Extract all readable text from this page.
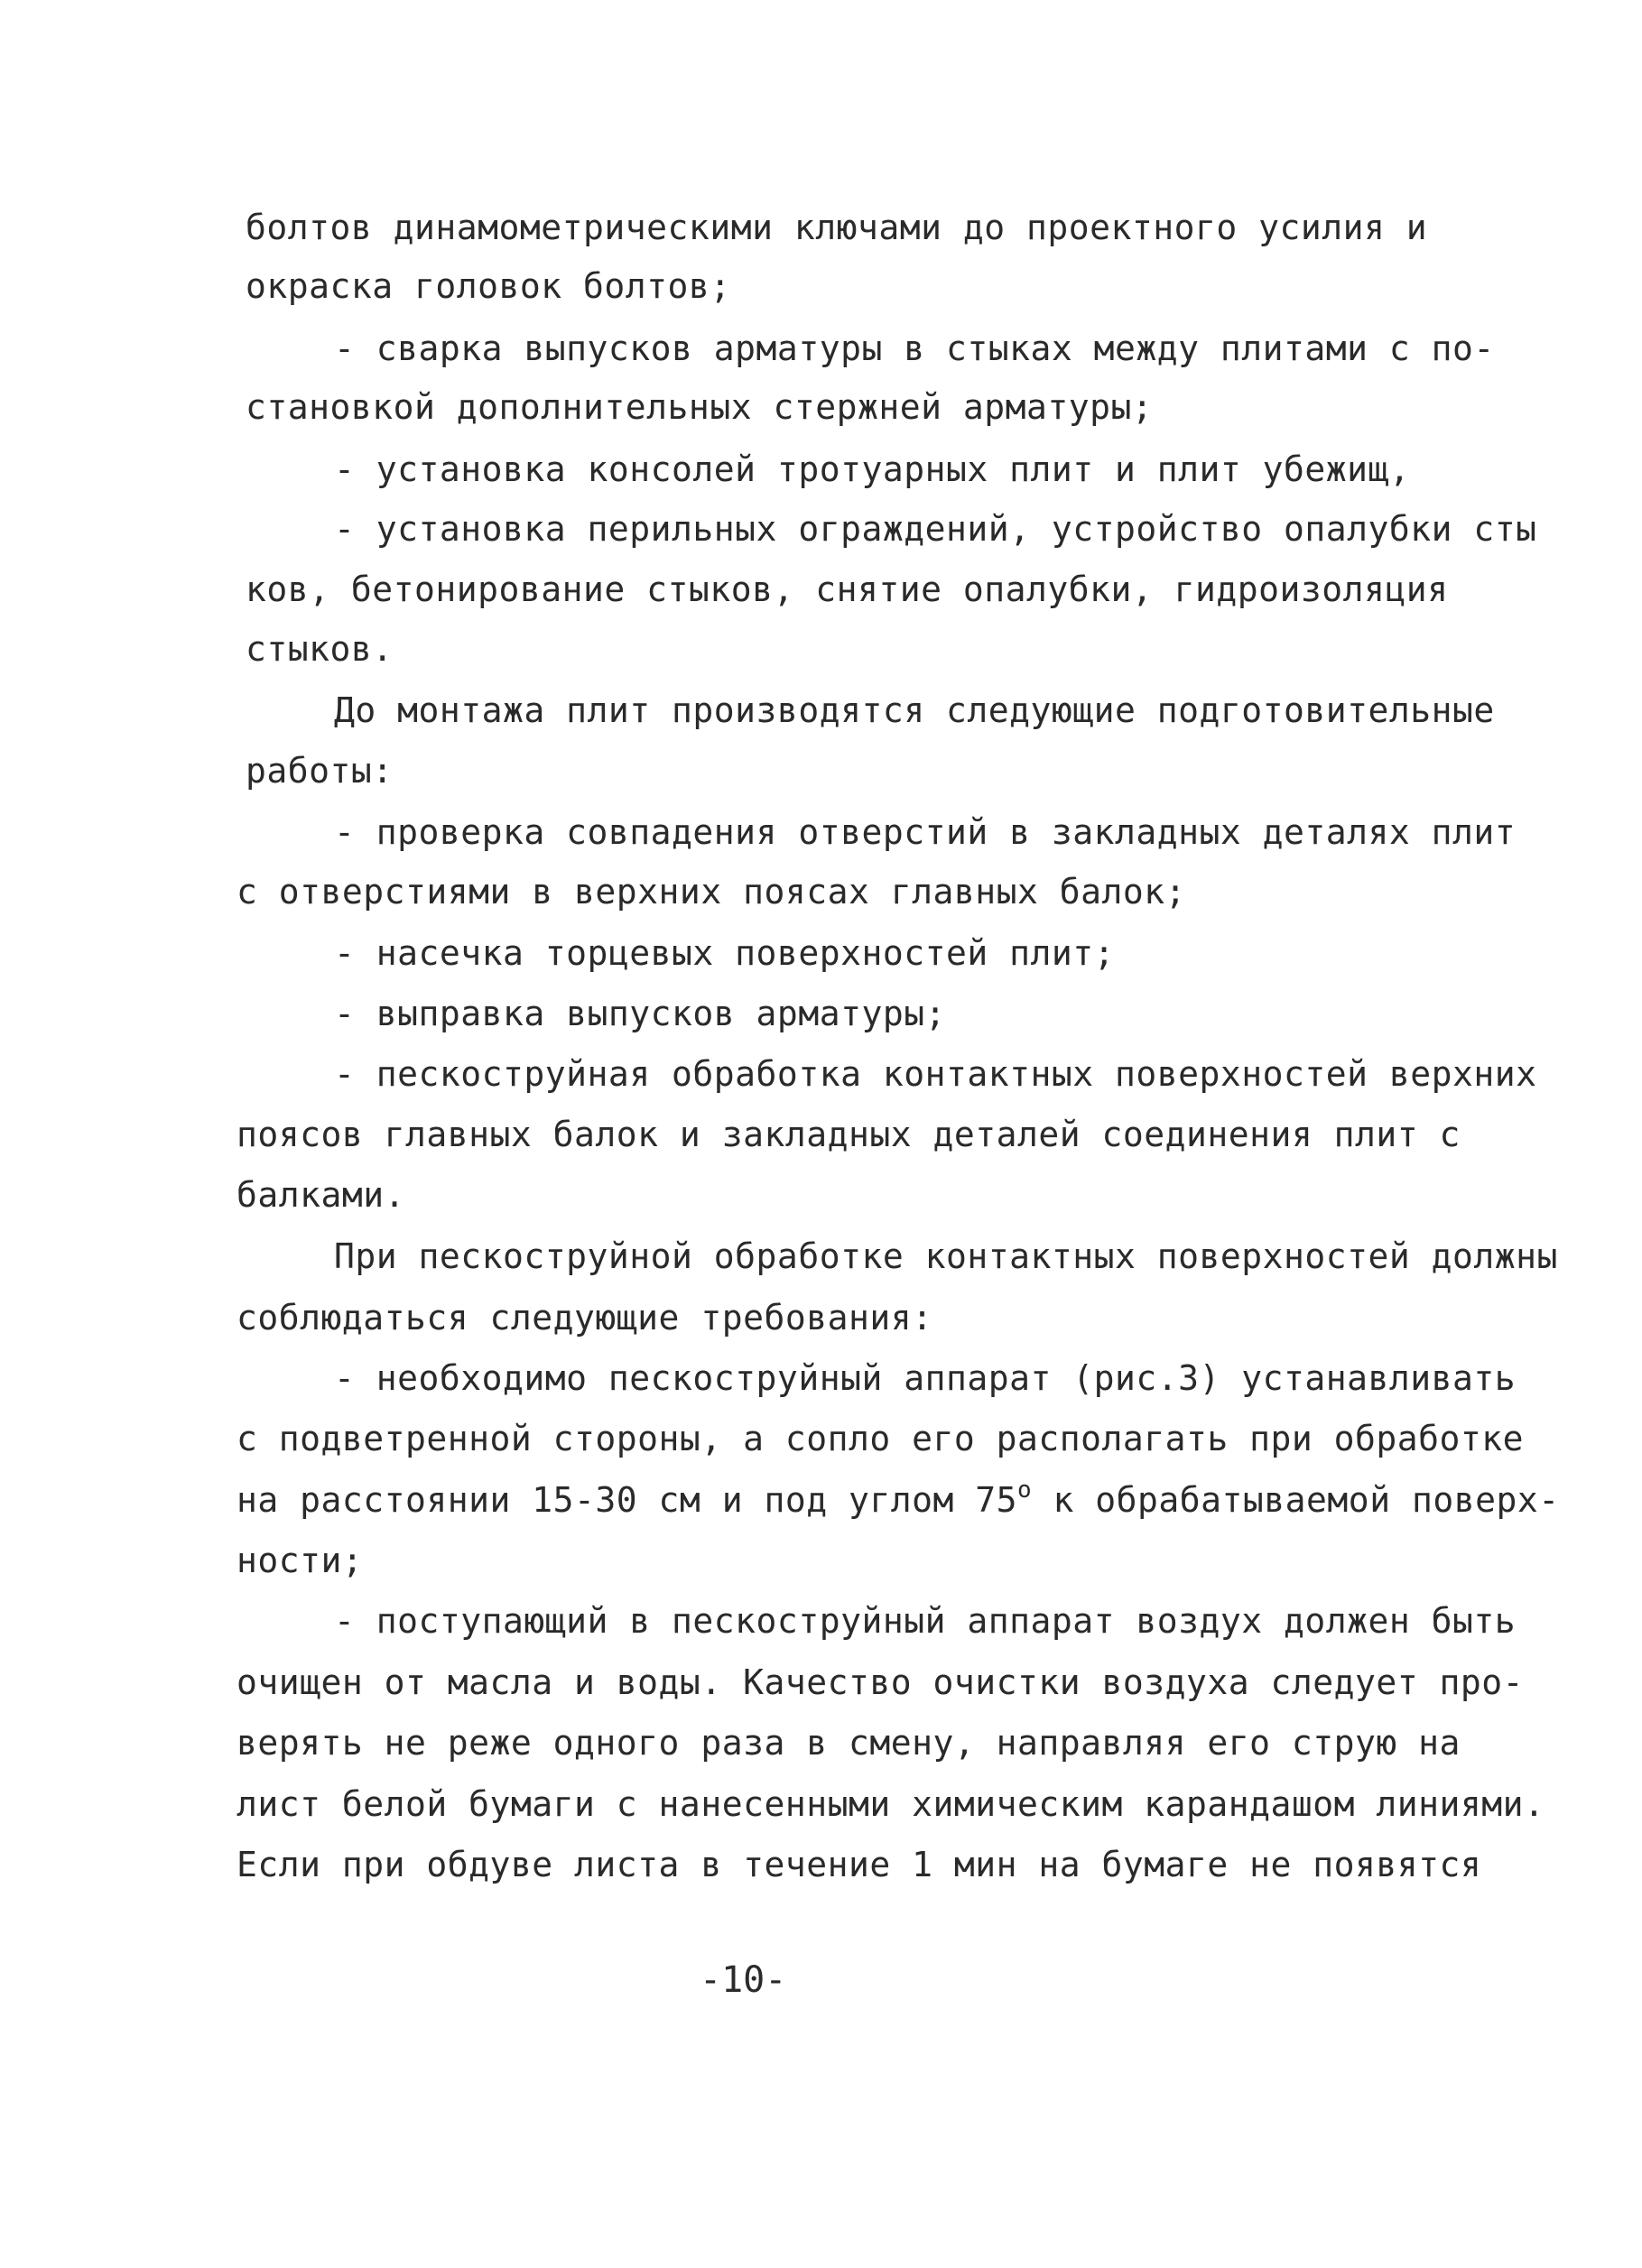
болтов динамометрическими ключами до проектного усилия и
окраска головок болтов;
- сварка выпусков арматуры в стыках между плитами с по-
становкой дополнительных стержней арматуры;
- установка консолей тротуарных плит и плит убежищ,
- установка перильных ограждений, устройство опалубки сты
ков, бетонирование стыков, снятие опалубки, гидроизоляция
стыков.
До монтажа плит производятся следующие подготовительные
работы:
- проверка совпадения отверстий в закладных деталях плит
с отверстиями в верхних поясах главных балок;
- насечка торцевых поверхностей плит;
- выправка выпусков арматуры;
- пескоструйная обработка контактных поверхностей верхних
поясов главных балок и закладных деталей соединения плит с
балками.
При пескоструйной обработке контактных поверхностей должны
соблюдаться следующие требования:
- необходимо пескоструйный аппарат (рис.3) устанавливать
с подветренной стороны, а сопло его располагать при обработке
на расстоянии 15-30 см и под углом $75^о$ к обрабатываемой поверх-
ности;
- поступающий в пескоструйный аппарат воздух должен быть
очищен от масла и воды. Качество очистки воздуха следует про-
верять не реже одного раза в смену, направляя его струю на
лист белой бумаги с нанесенными химическим карандашом линиями.
Если при обдуве листа в течение 1 мин на бумаге не появятся
-10-
